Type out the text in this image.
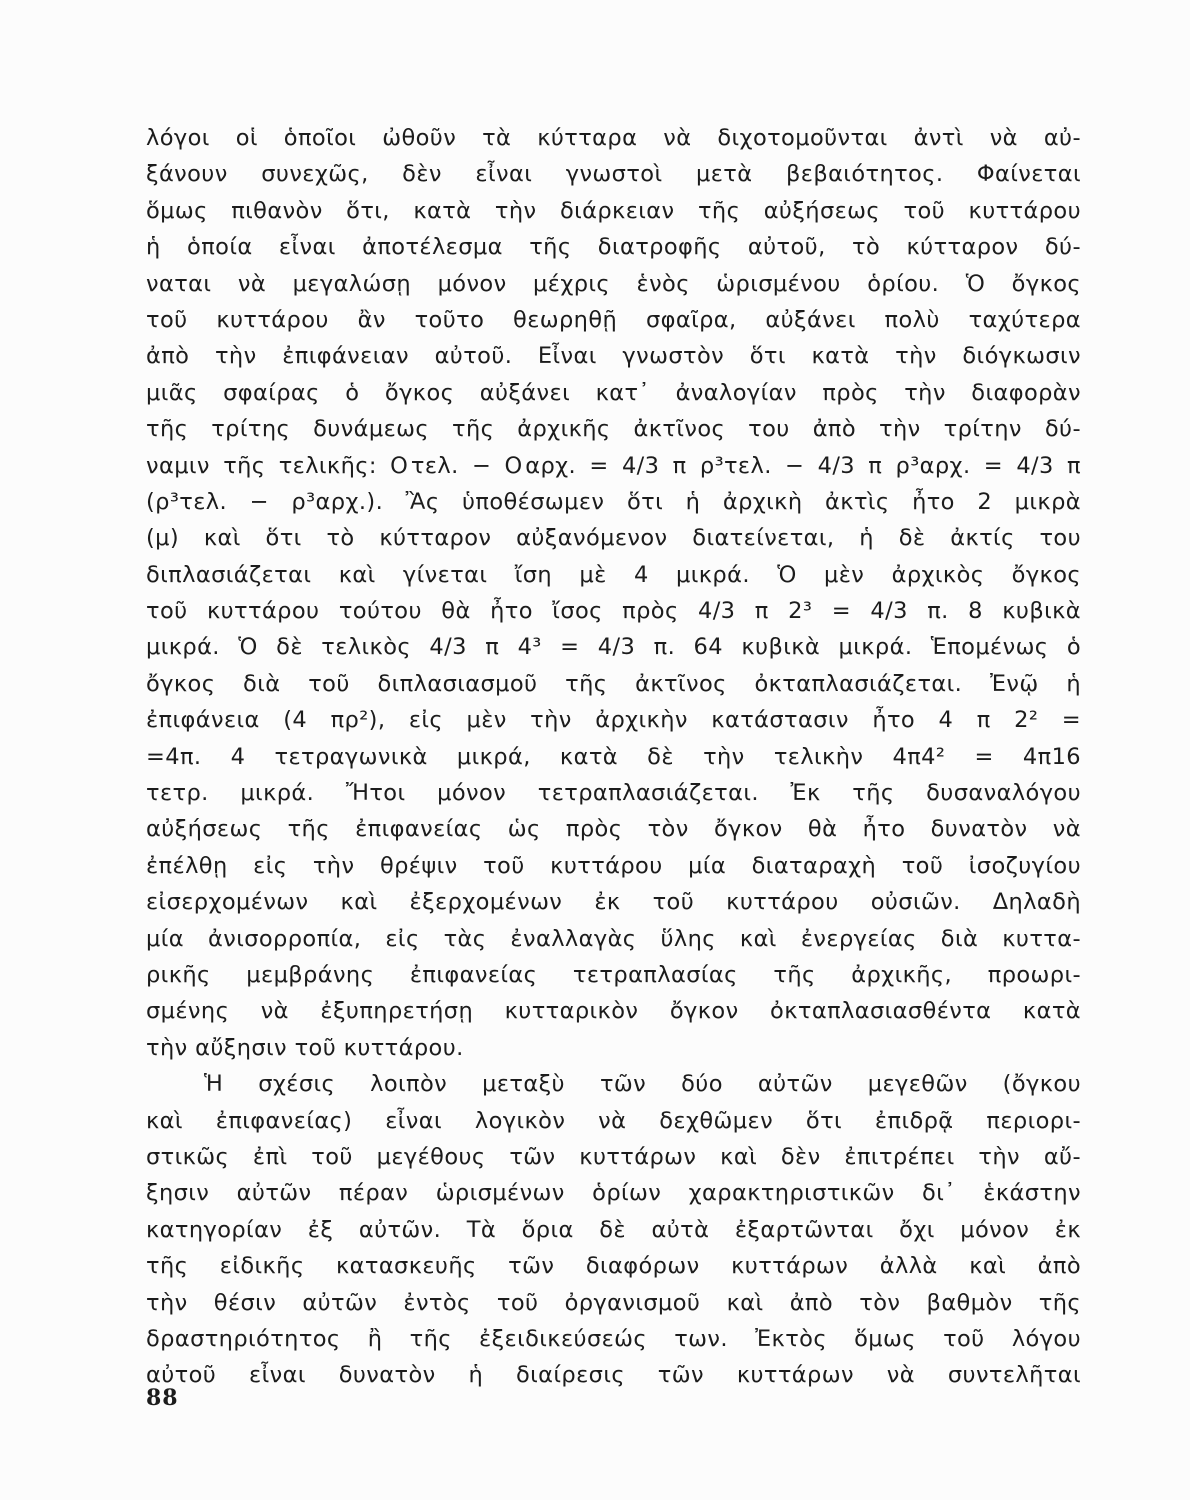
λόγοι οἱ ὁποῖοι ὠθοῦν τὰ κύτταρα νὰ διχοτομοῦνται ἀντὶ νὰ αὐ-
ξάνουν συνεχῶς, δὲν εἶναι γνωστοὶ μετὰ βεβαιότητος. Φαίνεται
ὅμως πιθανὸν ὅτι, κατὰ τὴν διάρκειαν τῆς αὐξήσεως τοῦ κυττάρου
ἡ ὁποία εἶναι ἀποτέλεσμα τῆς διατροφῆς αὐτοῦ, τὸ κύτταρον δύ-
ναται νὰ μεγαλώσῃ μόνον μέχρις ἑνὸς ὡρισμένου ὁρίου. Ὁ ὄγκος
τοῦ κυττάρου ἂν τοῦτο θεωρηθῇ σφαῖρα, αὐξάνει πολὺ ταχύτερα
ἀπὸ τὴν ἐπιφάνειαν αὐτοῦ. Εἶναι γνωστὸν ὅτι κατὰ τὴν διόγκωσιν
μιᾶς σφαίρας ὁ ὄγκος αὐξάνει κατ᾽ ἀναλογίαν πρὸς τὴν διαφορὰν
τῆς τρίτης δυνάμεως τῆς ἀρχικῆς ἀκτῖνος του ἀπὸ τὴν τρίτην δύ-
ναμιν τῆς τελικῆς: Ο τελ. − Ο αρχ. = 4/3 π ρ³τελ. − 4/3 π ρ³αρχ. = 4/3 π
(ρ³τελ. − ρ³αρχ.). Ἂς ὑποθέσωμεν ὅτι ἡ ἀρχικὴ ἀκτὶς ἦτο 2 μικρὰ
(μ) καὶ ὅτι τὸ κύτταρον αὐξανόμενον διατείνεται, ἡ δὲ ἀκτίς του
διπλασιάζεται καὶ γίνεται ἴση μὲ 4 μικρά. Ὁ μὲν ἀρχικὸς ὄγκος
τοῦ κυττάρου τούτου θὰ ἦτο ἴσος πρὸς 4/3 π 2³ = 4/3 π. 8 κυβικὰ
μικρά. Ὁ δὲ τελικὸς 4/3 π 4³ = 4/3 π. 64 κυβικὰ μικρά. Ἑπομένως ὁ
ὄγκος διὰ τοῦ διπλασιασμοῦ τῆς ἀκτῖνος ὀκταπλασιάζεται. Ἐνῷ ἡ
ἐπιφάνεια (4 πρ²), εἰς μὲν τὴν ἀρχικὴν κατάστασιν ἦτο 4 π 2² =
=4π. 4 τετραγωνικὰ μικρά, κατὰ δὲ τὴν τελικὴν 4π4² = 4π16
τετρ. μικρά. Ἤτοι μόνον τετραπλασιάζεται. Ἐκ τῆς δυσαναλόγου
αὐξήσεως τῆς ἐπιφανείας ὡς πρὸς τὸν ὄγκον θὰ ἦτο δυνατὸν νὰ
ἐπέλθῃ εἰς τὴν θρέψιν τοῦ κυττάρου μία διαταραχὴ τοῦ ἰσοζυγίου
εἰσερχομένων καὶ ἐξερχομένων ἐκ τοῦ κυττάρου οὐσιῶν. Δηλαδὴ
μία ἀνισορροπία, εἰς τὰς ἐναλλαγὰς ὕλης καὶ ἐνεργείας διὰ κυττα-
ρικῆς μεμβράνης ἐπιφανείας τετραπλασίας τῆς ἀρχικῆς, προωρι-
σμένης νὰ ἐξυπηρετήσῃ κυτταρικὸν ὄγκον ὀκταπλασιασθέντα κατὰ
τὴν αὔξησιν τοῦ κυττάρου.
Ἡ σχέσις λοιπὸν μεταξὺ τῶν δύο αὐτῶν μεγεθῶν (ὄγκου
καὶ ἐπιφανείας) εἶναι λογικὸν νὰ δεχθῶμεν ὅτι ἐπιδρᾷ περιορι-
στικῶς ἐπὶ τοῦ μεγέθους τῶν κυττάρων καὶ δὲν ἐπιτρέπει τὴν αὔ-
ξησιν αὐτῶν πέραν ὡρισμένων ὁρίων χαρακτηριστικῶν δι᾽ ἑκάστην
κατηγορίαν ἐξ αὐτῶν. Τὰ ὅρια δὲ αὐτὰ ἐξαρτῶνται ὄχι μόνον ἐκ
τῆς εἰδικῆς κατασκευῆς τῶν διαφόρων κυττάρων ἀλλὰ καὶ ἀπὸ
τὴν θέσιν αὐτῶν ἐντὸς τοῦ ὀργανισμοῦ καὶ ἀπὸ τὸν βαθμὸν τῆς
δραστηριότητος ἢ τῆς ἐξειδικεύσεώς των. Ἐκτὸς ὅμως τοῦ λόγου
αὐτοῦ εἶναι δυνατὸν ἡ διαίρεσις τῶν κυττάρων νὰ συντελῆται
88
